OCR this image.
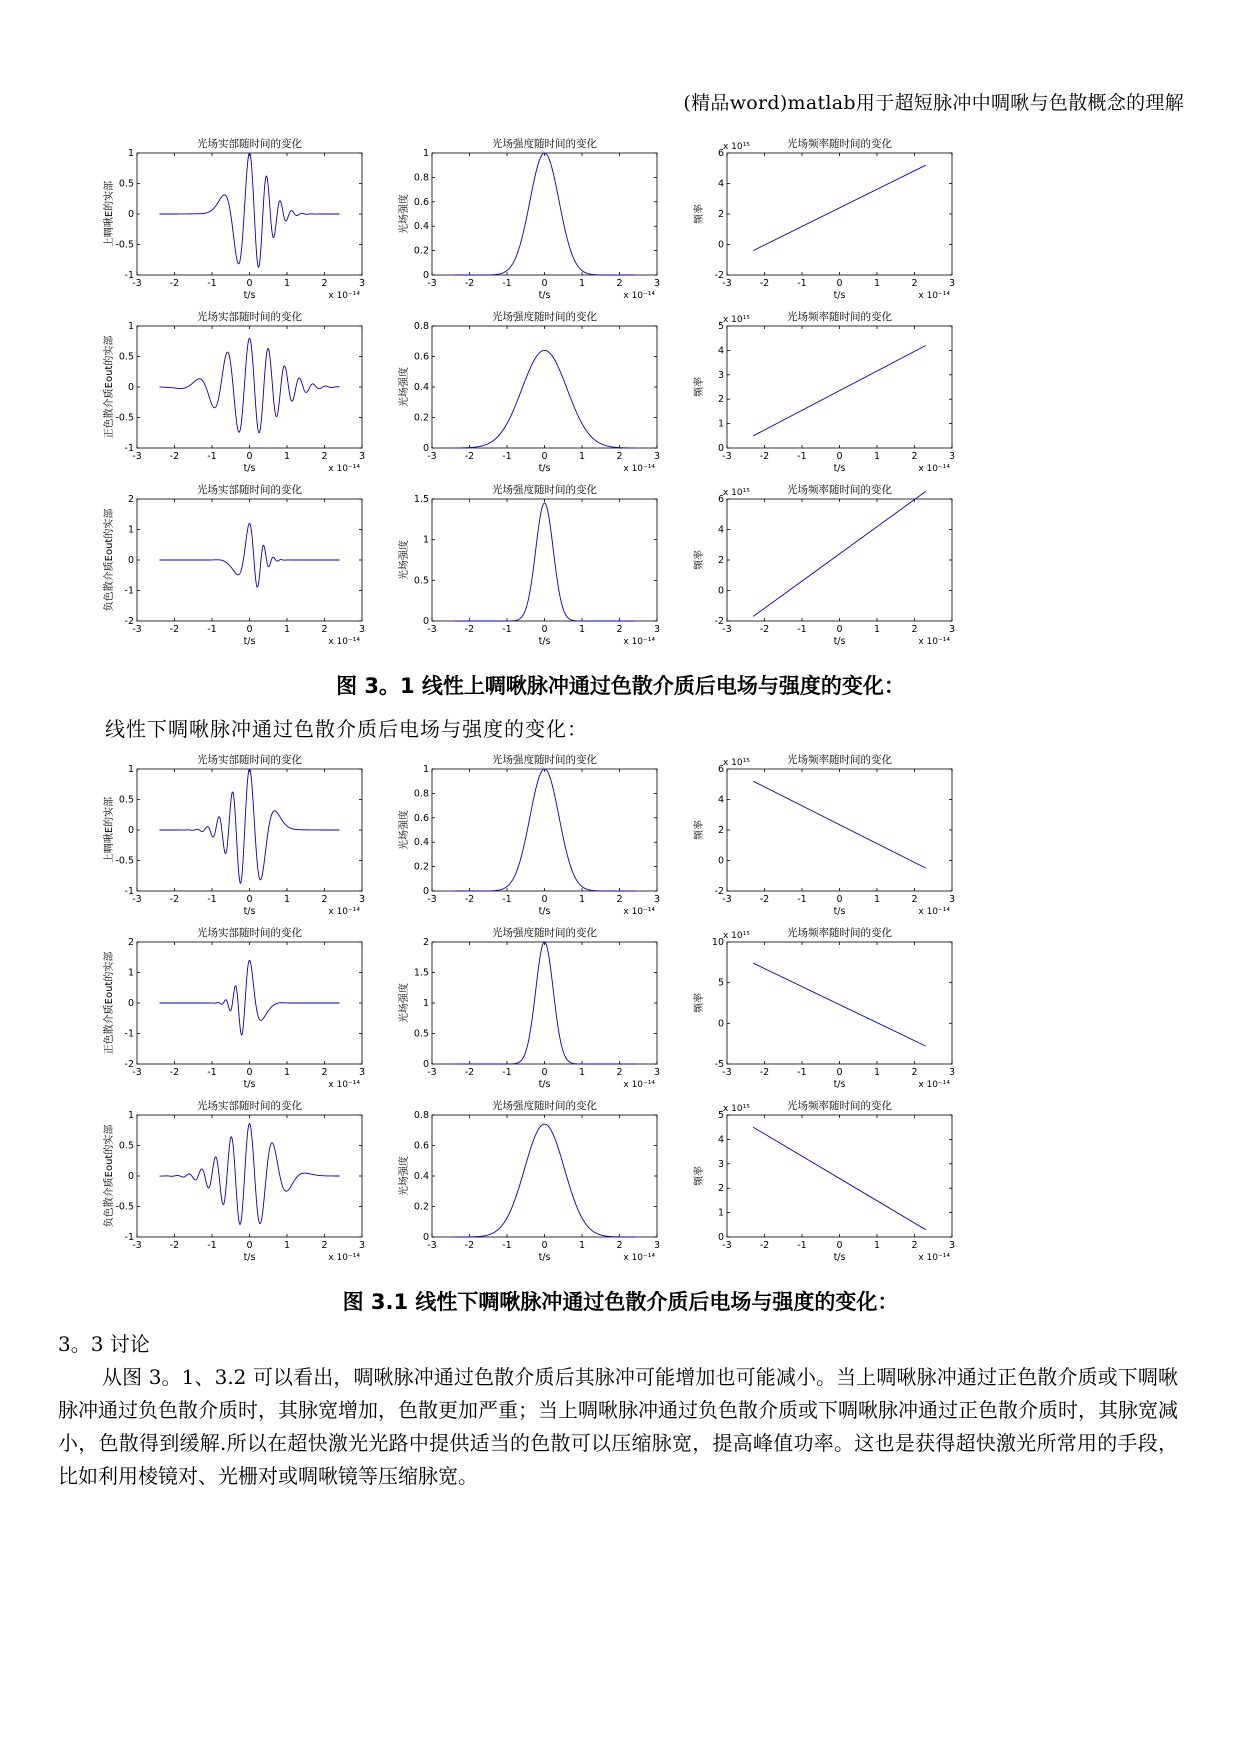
(精品word)matlab用于超短脉冲中啁啾与色散概念的理解
光场实部随时间的变化
-3	-2	-1	0	1	2	3
1
0.5
0
-0.5
-1
t/s	x 10⁻¹⁴
上啁啾E的实部
光场强度随时间的变化
-3	-2	-1	0	1	2	3
1
0.8
0.6
0.4
0.2
0
t/s	x 10⁻¹⁴
光场强度
光场频率随时间的变化
-3	-2	-1	0	1	2	3
6
4
2
0
-2
t/s	x 10⁻¹⁴
x 10¹⁵
频率
光场实部随时间的变化
-3	-2	-1	0	1	2	3
1
0.5
0
-0.5
-1
t/s	x 10⁻¹⁴
正色散介质Eout的实部
光场强度随时间的变化
-3	-2	-1	0	1	2	3
0.8
0.6
0.4
0.2
0
t/s	x 10⁻¹⁴
光场强度
光场频率随时间的变化
-3	-2	-1	0	1	2	3
5
4
3
2
1
0
t/s	x 10⁻¹⁴
x 10¹⁵
频率
光场实部随时间的变化
-3	-2	-1	0	1	2	3
2
1
0
-1
-2
t/s	x 10⁻¹⁴
负色散介质Eout的实部
光场强度随时间的变化
-3	-2	-1	0	1	2	3
1.5
1
0.5
0
t/s	x 10⁻¹⁴
光场强度
光场频率随时间的变化
-3	-2	-1	0	1	2	3
6
4
2
0
-2
t/s	x 10⁻¹⁴
x 10¹⁵
频率
光场实部随时间的变化
-3	-2	-1	0	1	2	3
1
0.5
0
-0.5
-1
t/s	x 10⁻¹⁴
上啁啾E的实部
光场强度随时间的变化
-3	-2	-1	0	1	2	3
1
0.8
0.6
0.4
0.2
0
t/s	x 10⁻¹⁴
光场强度
光场频率随时间的变化
-3	-2	-1	0	1	2	3
6
4
2
0
-2
t/s	x 10⁻¹⁴
x 10¹⁵
频率
光场实部随时间的变化
-3	-2	-1	0	1	2	3
2
1
0
-1
-2
t/s	x 10⁻¹⁴
正色散介质Eout的实部
光场强度随时间的变化
-3	-2	-1	0	1	2	3
2
1.5
1
0.5
0
t/s	x 10⁻¹⁴
光场强度
光场频率随时间的变化
-3	-2	-1	0	1	2	3
10
5
0
-5
t/s	x 10⁻¹⁴
x 10¹⁵
频率
光场实部随时间的变化
-3	-2	-1	0	1	2	3
1
0.5
0
-0.5
-1
t/s	x 10⁻¹⁴
负色散介质Eout的实部
光场强度随时间的变化
-3	-2	-1	0	1	2	3
0.8
0.6
0.4
0.2
0
t/s	x 10⁻¹⁴
光场强度
光场频率随时间的变化
-3	-2	-1	0	1	2	3
5
4
3
2
1
0
t/s	x 10⁻¹⁴
x 10¹⁵
频率
图 3。1 线性上啁啾脉冲通过色散介质后电场与强度的变化：
线性下啁啾脉冲通过色散介质后电场与强度的变化：
图 3.1 线性下啁啾脉冲通过色散介质后电场与强度的变化：
3。3 讨论
从图 3。1、3.2 可以看出，啁啾脉冲通过色散介质后其脉冲可能增加也可能减小。当上啁啾脉冲通过正色散介质或下啁啾脉冲通过负色散介质时，其脉宽增加，色散更加严重；当上啁啾脉冲通过负色散介质或下啁啾脉冲通过正色散介质时，其脉宽减小，色散得到缓解.所以在超快激光光路中提供适当的色散可以压缩脉宽，提高峰值功率。这也是获得超快激光所常用的手段，比如利用棱镜对、光栅对或啁啾镜等压缩脉宽。
